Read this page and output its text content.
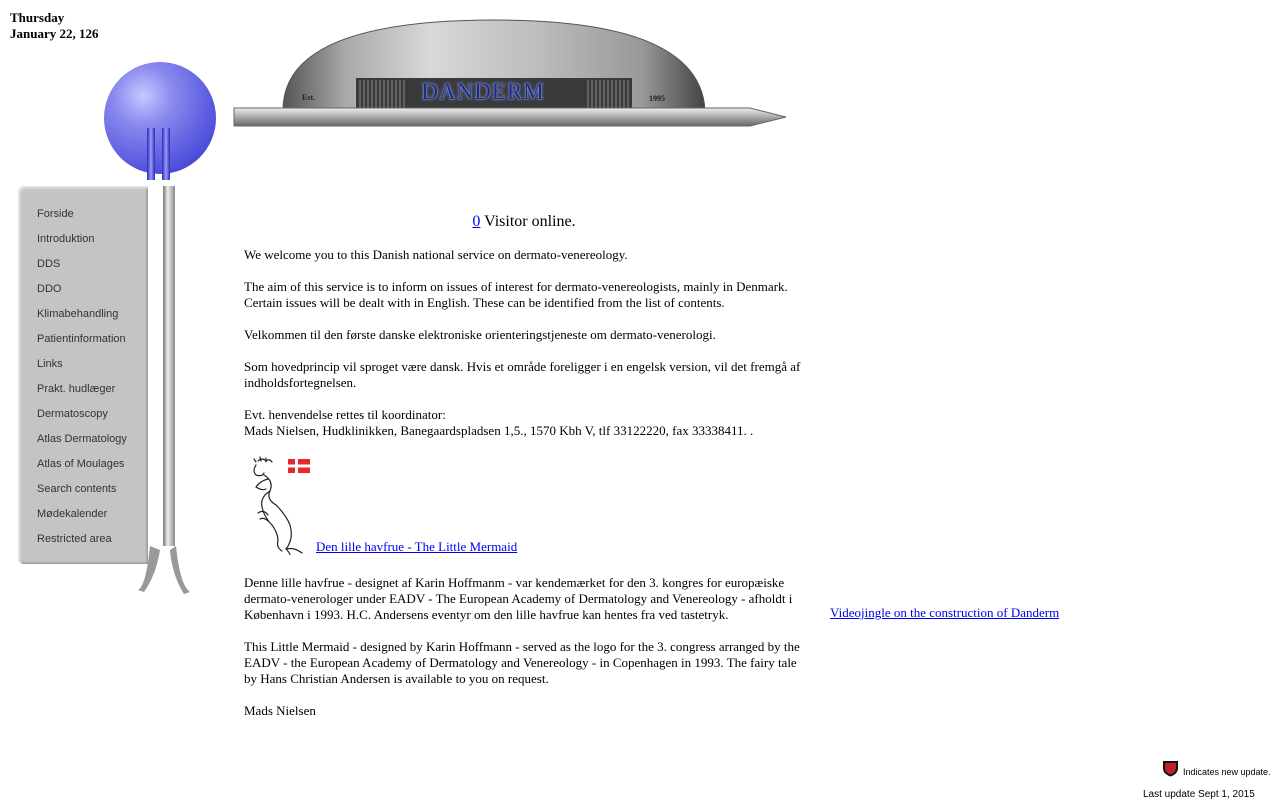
Thursday
January 22, 126
DANDERM
Est.	1995
Forside
Introduktion
DDS
DDO
Klimabehandling
Patientinformation
Links
Prakt. hudlæger
Dermatoscopy
Atlas Dermatology
Atlas of Moulages
Search contents
Mødekalender
Restricted area
0 Visitor online.

We welcome you to this Danish national service on dermato-venereology.

The aim of this service is to inform on issues of interest for dermato-venereologists, mainly in Denmark. Certain issues will be dealt with in English. These can be identified from the list of contents.

Velkommen til den første danske elektroniske orienteringstjeneste om dermato-venerologi.

Som hovedprincip vil sproget være dansk. Hvis et område foreligger i en engelsk version, vil det fremgå af indholdsfortegnelsen.

Evt. henvendelse rettes til koordinator:
Mads Nielsen, Hudklinikken, Banegaardspladsen 1,5., 1570 Kbh V, tlf 33122220, fax 33338411. .

Den lille havfrue - The Little Mermaid

Denne lille havfrue - designet af Karin Hoffmanm - var kendemærket for den 3. kongres for europæiske dermato-venerologer under EADV - The European Academy of Dermatology and Venereology - afholdt i København i 1993. H.C. Andersens eventyr om den lille havfrue kan hentes fra ved tastetryk.

This Little Mermaid - designed by Karin Hoffmann - served as the logo for the 3. congress arranged by the EADV - the European Academy of Dermatology and Venereology - in Copenhagen in 1993. The fairy tale by Hans Christian Andersen is available to you on request.

Mads Nielsen

Videojingle on the construction of Danderm
Indicates new update.
Last update Sept 1, 2015
